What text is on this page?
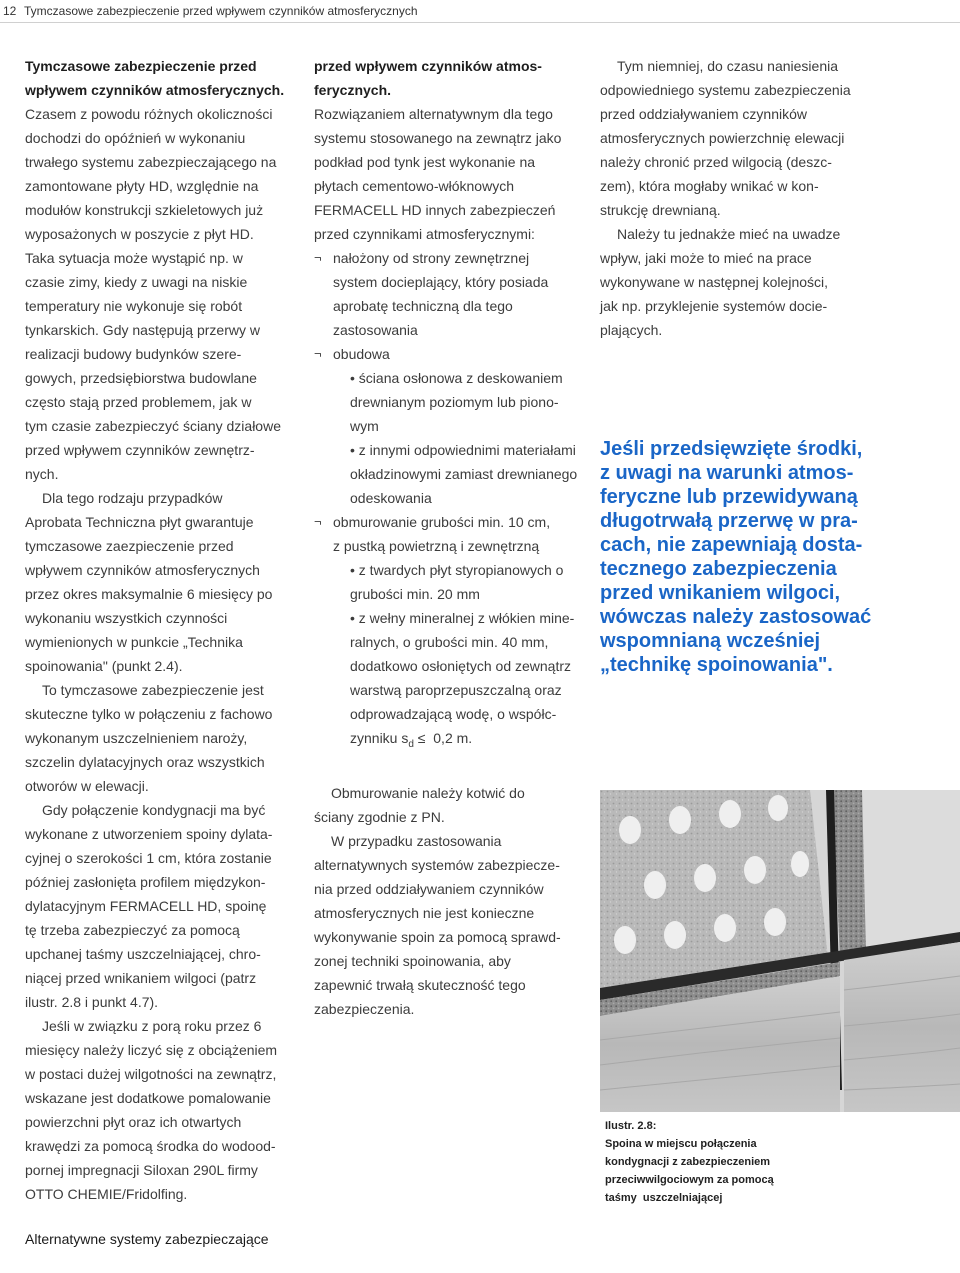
12 Tymczasowe zabezpieczenie przed wpływem czynników atmosferycznych

Tymczasowe zabezpieczenie przed

wpływem czynników atmosferycznych.

Czasem z powodu różnych okoliczności

dochodzi do opóźnień w wykonaniu

trwałego systemu zabezpieczającego na

zamontowane płyty HD, względnie na

modułów konstrukcji szkieletowych już

wyposażonych w poszycie z płyt HD.

Taka sytuacja może wystąpić np. w

czasie zimy, kiedy z uwagi na niskie

temperatury nie wykonuje się robót

tynkarskich. Gdy następują przerwy w

realizacji budowy budynków szere-

gowych, przedsiębiorstwa budowlane

często stają przed problemem, jak w

tym czasie zabezpieczyć ściany działowe

przed wpływem czynników zewnętrz-

nych.

Dla tego rodzaju przypadków

Aprobata Techniczna płyt gwarantuje

tymczasowe zaezpieczenie przed

wpływem czynników atmosferycznych

przez okres maksymalnie 6 miesięcy po

wykonaniu wszystkich czynności

wymienionych w punkcie „Technika

spoinowania" (punkt 2.4).

To tymczasowe zabezpieczenie jest

skuteczne tylko w połączeniu z fachowo

wykonanym uszczelnieniem naroży,

szczelin dylatacyjnych oraz wszystkich

otworów w elewacji.

Gdy połączenie kondygnacji ma być

wykonane z utworzeniem spoiny dylata-

cyjnej o szerokości 1 cm, która zostanie

później zasłonięta profilem międzykon-

dylatacyjnym FERMACELL HD, spoinę

tę trzeba zabezpieczyć za pomocą

upchanej taśmy uszczelniającej, chro-

niącej przed wnikaniem wilgoci (patrz

ilustr. 2.8 i punkt 4.7).

Jeśli w związku z porą roku przez 6

miesięcy należy liczyć się z obciążeniem

w postaci dużej wilgotności na zewnątrz,

wskazane jest dodatkowe pomalowanie

powierzchni płyt oraz ich otwartych

krawędzi za pomocą środka do wodood-

pornej impregnacji Siloxan 290L firmy

OTTO CHEMIE/Fridolfing.

przed wpływem czynników atmos-

ferycznych.

Rozwiązaniem alternatywnym dla tego

systemu stosowanego na zewnątrz jako

podkład pod tynk jest wykonanie na

płytach cementowo-włóknowych

FERMACELL HD innych zabezpieczeń

przed czynnikami atmosferycznymi:

¬ nałożony od strony zewnętrznej

system docieplający, który posiada

aprobatę techniczną dla tego

zastosowania

¬ obudowa

• ściana osłonowa z deskowaniem

drewnianym poziomym lub piono-

wym

• z innymi odpowiednimi materiałami

okładzinowymi zamiast drewnianego

odeskowania

¬ obmurowanie grubości min. 10 cm,

z pustką powietrzną i zewnętrzną

• z twardych płyt styropianowych o

grubości min. 20 mm

• z wełny mineralnej z włókien mine-

ralnych, o grubości min. 40 mm,

dodatkowo osłoniętych od zewnątrz

warstwą paroprzepuszczalną oraz

odprowadzającą wodę, o współc-

zynniku $s_d \le 0,2$ m.

Obmurowanie należy kotwić do

ściany zgodnie z PN.

W przypadku zastosowania

alternatywnych systemów zabezpiecze-

nia przed oddziaływaniem czynników

atmosferycznych nie jest konieczne

wykonywanie spoin za pomocą sprawd-

zonej techniki spoinowania, aby

zapewnić trwałą skuteczność tego

zabezpieczenia.

Tym niemniej, do czasu naniesienia

odpowiedniego systemu zabezpieczenia

przed oddziaływaniem czynników

atmosferycznych powierzchnię elewacji

należy chronić przed wilgocią (deszc-

zem), która mogłaby wnikać w kon-

strukcję drewnianą.

Należy tu jednakże mieć na uwadze

wpływ, jaki może to mieć na prace

wykonywane w następnej kolejności,

jak np. przyklejenie systemów docie-

plających.

Jeśli przedsięwzięte środki,

z uwagi na warunki atmos-

feryczne lub przewidywaną

długotrwałą przerwę w pra-

cach, nie zapewniają dosta-

tecznego zabezpieczenia

przed wnikaniem wilgoci,

wówczas należy zastosować

wspomnianą wcześniej

„technikę spoinowania".

Ilustr. 2.8:

Spoina w miejscu połączenia

kondygnacji z zabezpieczeniem

przeciwwilgociowym za pomocą

taśmy  uszczelniającej

Alternatywne systemy zabezpieczające
